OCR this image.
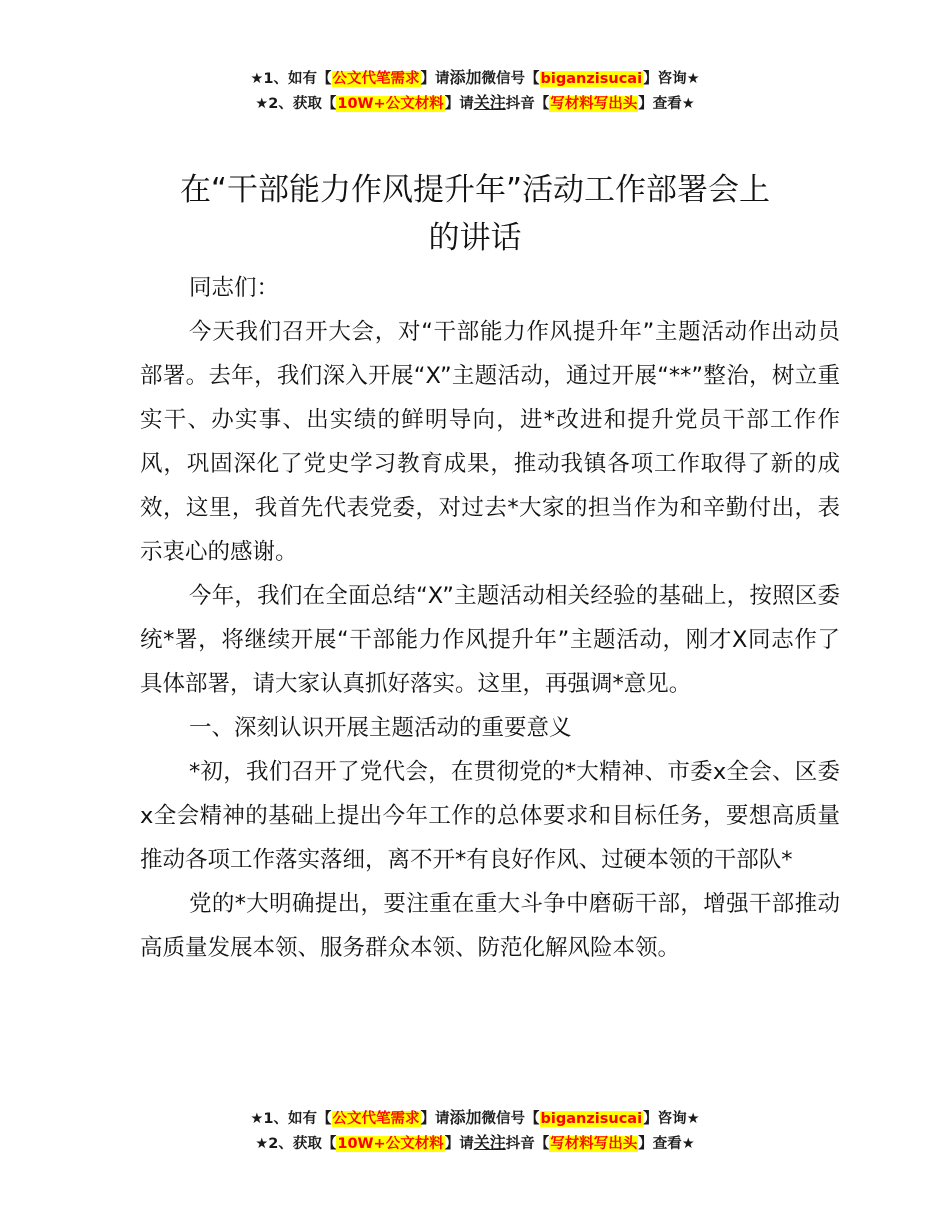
★1、如有【公文代笔需求】请添加微信号【biganzisucai】咨询★
★2、获取【10W+公文材料】请关注抖音【写材料写出头】查看★
在“干部能力作风提升年”活动工作部署会上
的讲话

同志们：

今天我们召开大会，对“干部能力作风提升年”主题活动作出动员部署。去年，我们深入开展“X”主题活动，通过开展“**”整治，树立重实干、办实事、出实绩的鲜明导向，进*改进和提升党员干部工作作风，巩固深化了党史学习教育成果，推动我镇各项工作取得了新的成效，这里，我首先代表党委，对过去*大家的担当作为和辛勤付出，表示衷心的感谢。

今年，我们在全面总结“X”主题活动相关经验的基础上，按照区委统*署，将继续开展“干部能力作风提升年”主题活动，刚才X同志作了具体部署，请大家认真抓好落实。这里，再强调*意见。

一、深刻认识开展主题活动的重要意义

*初，我们召开了党代会，在贯彻党的*大精神、市委x全会、区委x全会精神的基础上提出今年工作的总体要求和目标任务，要想高质量推动各项工作落实落细，离不开*有良好作风、过硬本领的干部队*

党的*大明确提出，要注重在重大斗争中磨砺干部，增强干部推动高质量发展本领、服务群众本领、防范化解风险本领。

★1、如有【公文代笔需求】请添加微信号【biganzisucai】咨询★
★2、获取【10W+公文材料】请关注抖音【写材料写出头】查看★
